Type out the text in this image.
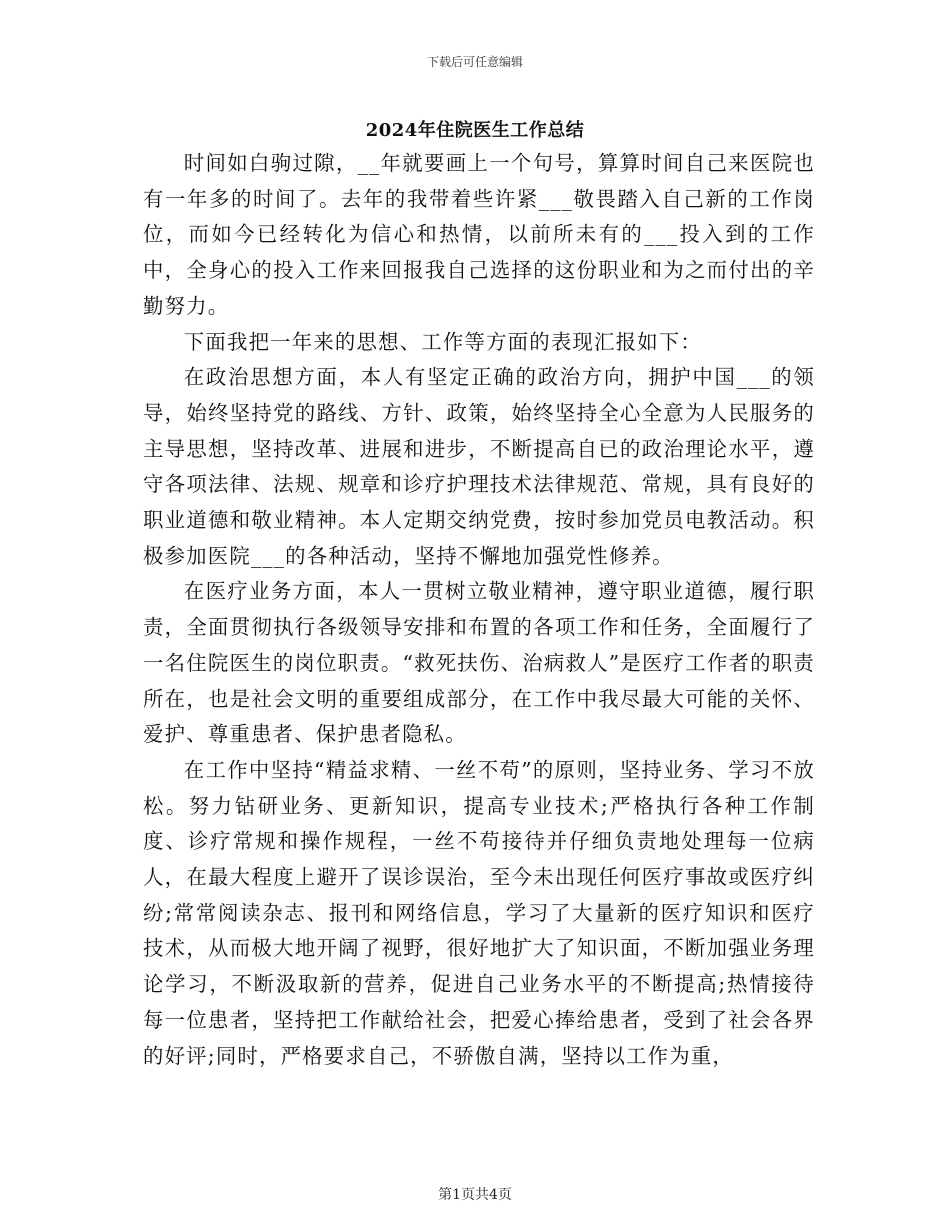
下载后可任意编辑
2024年住院医生工作总结

时间如白驹过隙，__年就要画上一个句号，算算时间自己来医院也有一年多的时间了。去年的我带着些许紧___敬畏踏入自己新的工作岗位，而如今已经转化为信心和热情，以前所未有的___投入到的工作中，全身心的投入工作来回报我自己选择的这份职业和为之而付出的辛勤努力。

下面我把一年来的思想、工作等方面的表现汇报如下：

在政治思想方面，本人有坚定正确的政治方向，拥护中国___的领导，始终坚持党的路线、方针、政策，始终坚持全心全意为人民服务的主导思想，坚持改革、进展和进步，不断提高自已的政治理论水平，遵守各项法律、法规、规章和诊疗护理技术法律规范、常规，具有良好的职业道德和敬业精神。本人定期交纳党费，按时参加党员电教活动。积极参加医院___的各种活动，坚持不懈地加强党性修养。

在医疗业务方面，本人一贯树立敬业精神，遵守职业道德，履行职责，全面贯彻执行各级领导安排和布置的各项工作和任务，全面履行了一名住院医生的岗位职责。“救死扶伤、治病救人”是医疗工作者的职责所在，也是社会文明的重要组成部分，在工作中我尽最大可能的关怀、爱护、尊重患者、保护患者隐私。

在工作中坚持“精益求精、一丝不苟”的原则，坚持业务、学习不放松。努力钻研业务、更新知识，提高专业技术;严格执行各种工作制度、诊疗常规和操作规程，一丝不苟接待并仔细负责地处理每一位病人，在最大程度上避开了误诊误治，至今未出现任何医疗事故或医疗纠纷;常常阅读杂志、报刊和网络信息，学习了大量新的医疗知识和医疗技术，从而极大地开阔了视野，很好地扩大了知识面，不断加强业务理论学习，不断汲取新的营养，促进自己业务水平的不断提高;热情接待每一位患者，坚持把工作献给社会，把爱心捧给患者，受到了社会各界的好评;同时，严格要求自己，不骄傲自满，坚持以工作为重，

第1页共4页
